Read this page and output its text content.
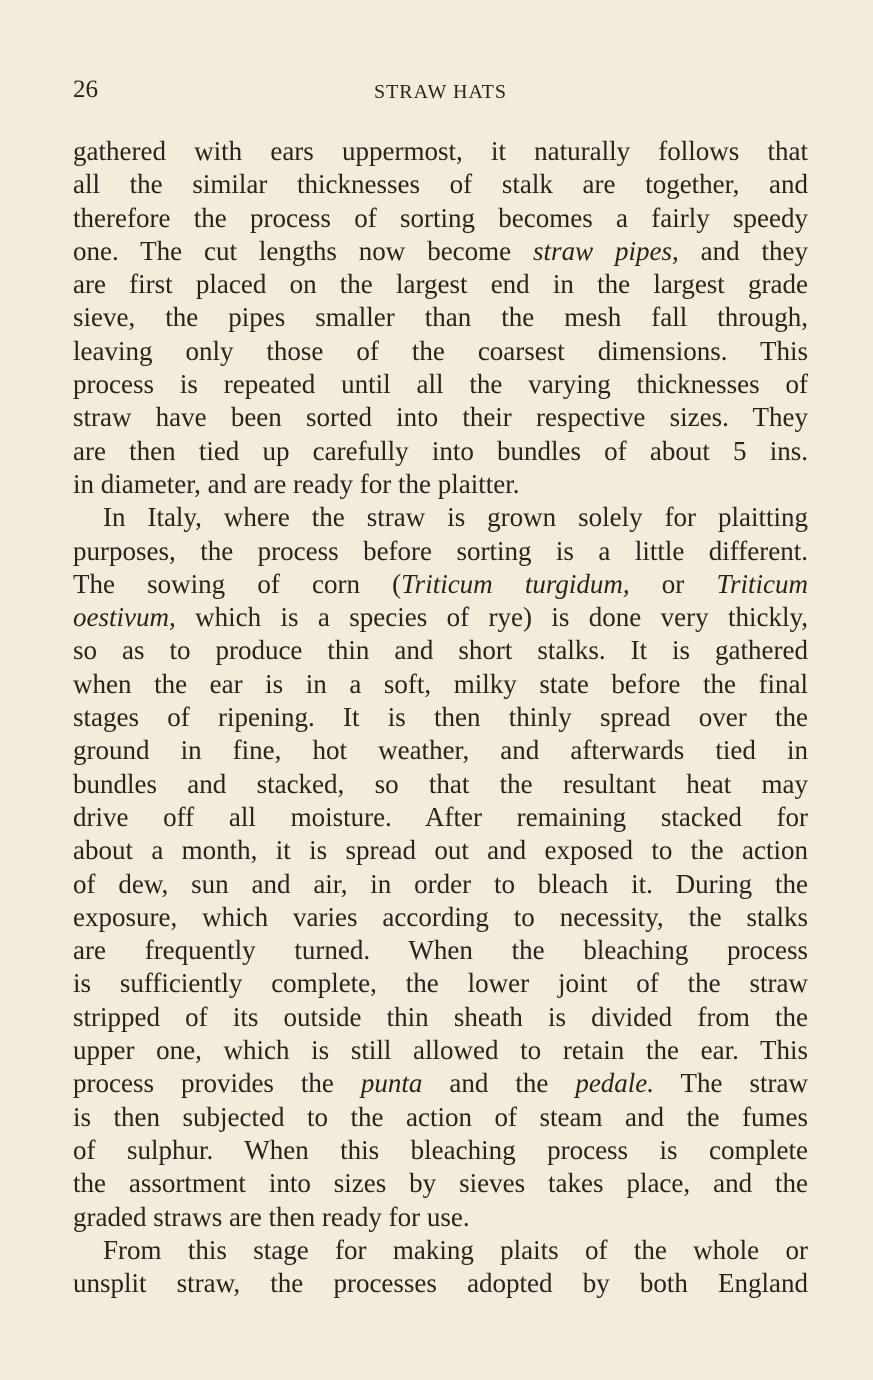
26	STRAW HATS
gathered with ears uppermost, it naturally follows that
all the similar thicknesses of stalk are together, and
therefore the process of sorting becomes a fairly speedy
one. The cut lengths now become straw pipes, and they
are first placed on the largest end in the largest grade
sieve, the pipes smaller than the mesh fall through,
leaving only those of the coarsest dimensions. This
process is repeated until all the varying thicknesses of
straw have been sorted into their respective sizes. They
are then tied up carefully into bundles of about 5 ins.
in diameter, and are ready for the plaitter.
In Italy, where the straw is grown solely for plaitting
purposes, the process before sorting is a little different.
The sowing of corn (Triticum turgidum, or Triticum
oestivum, which is a species of rye) is done very thickly,
so as to produce thin and short stalks. It is gathered
when the ear is in a soft, milky state before the final
stages of ripening. It is then thinly spread over the
ground in fine, hot weather, and afterwards tied in
bundles and stacked, so that the resultant heat may
drive off all moisture. After remaining stacked for
about a month, it is spread out and exposed to the action
of dew, sun and air, in order to bleach it. During the
exposure, which varies according to necessity, the stalks
are frequently turned. When the bleaching process
is sufficiently complete, the lower joint of the straw
stripped of its outside thin sheath is divided from the
upper one, which is still allowed to retain the ear. This
process provides the punta and the pedale. The straw
is then subjected to the action of steam and the fumes
of sulphur. When this bleaching process is complete
the assortment into sizes by sieves takes place, and the
graded straws are then ready for use.
From this stage for making plaits of the whole or
unsplit straw, the processes adopted by both England
